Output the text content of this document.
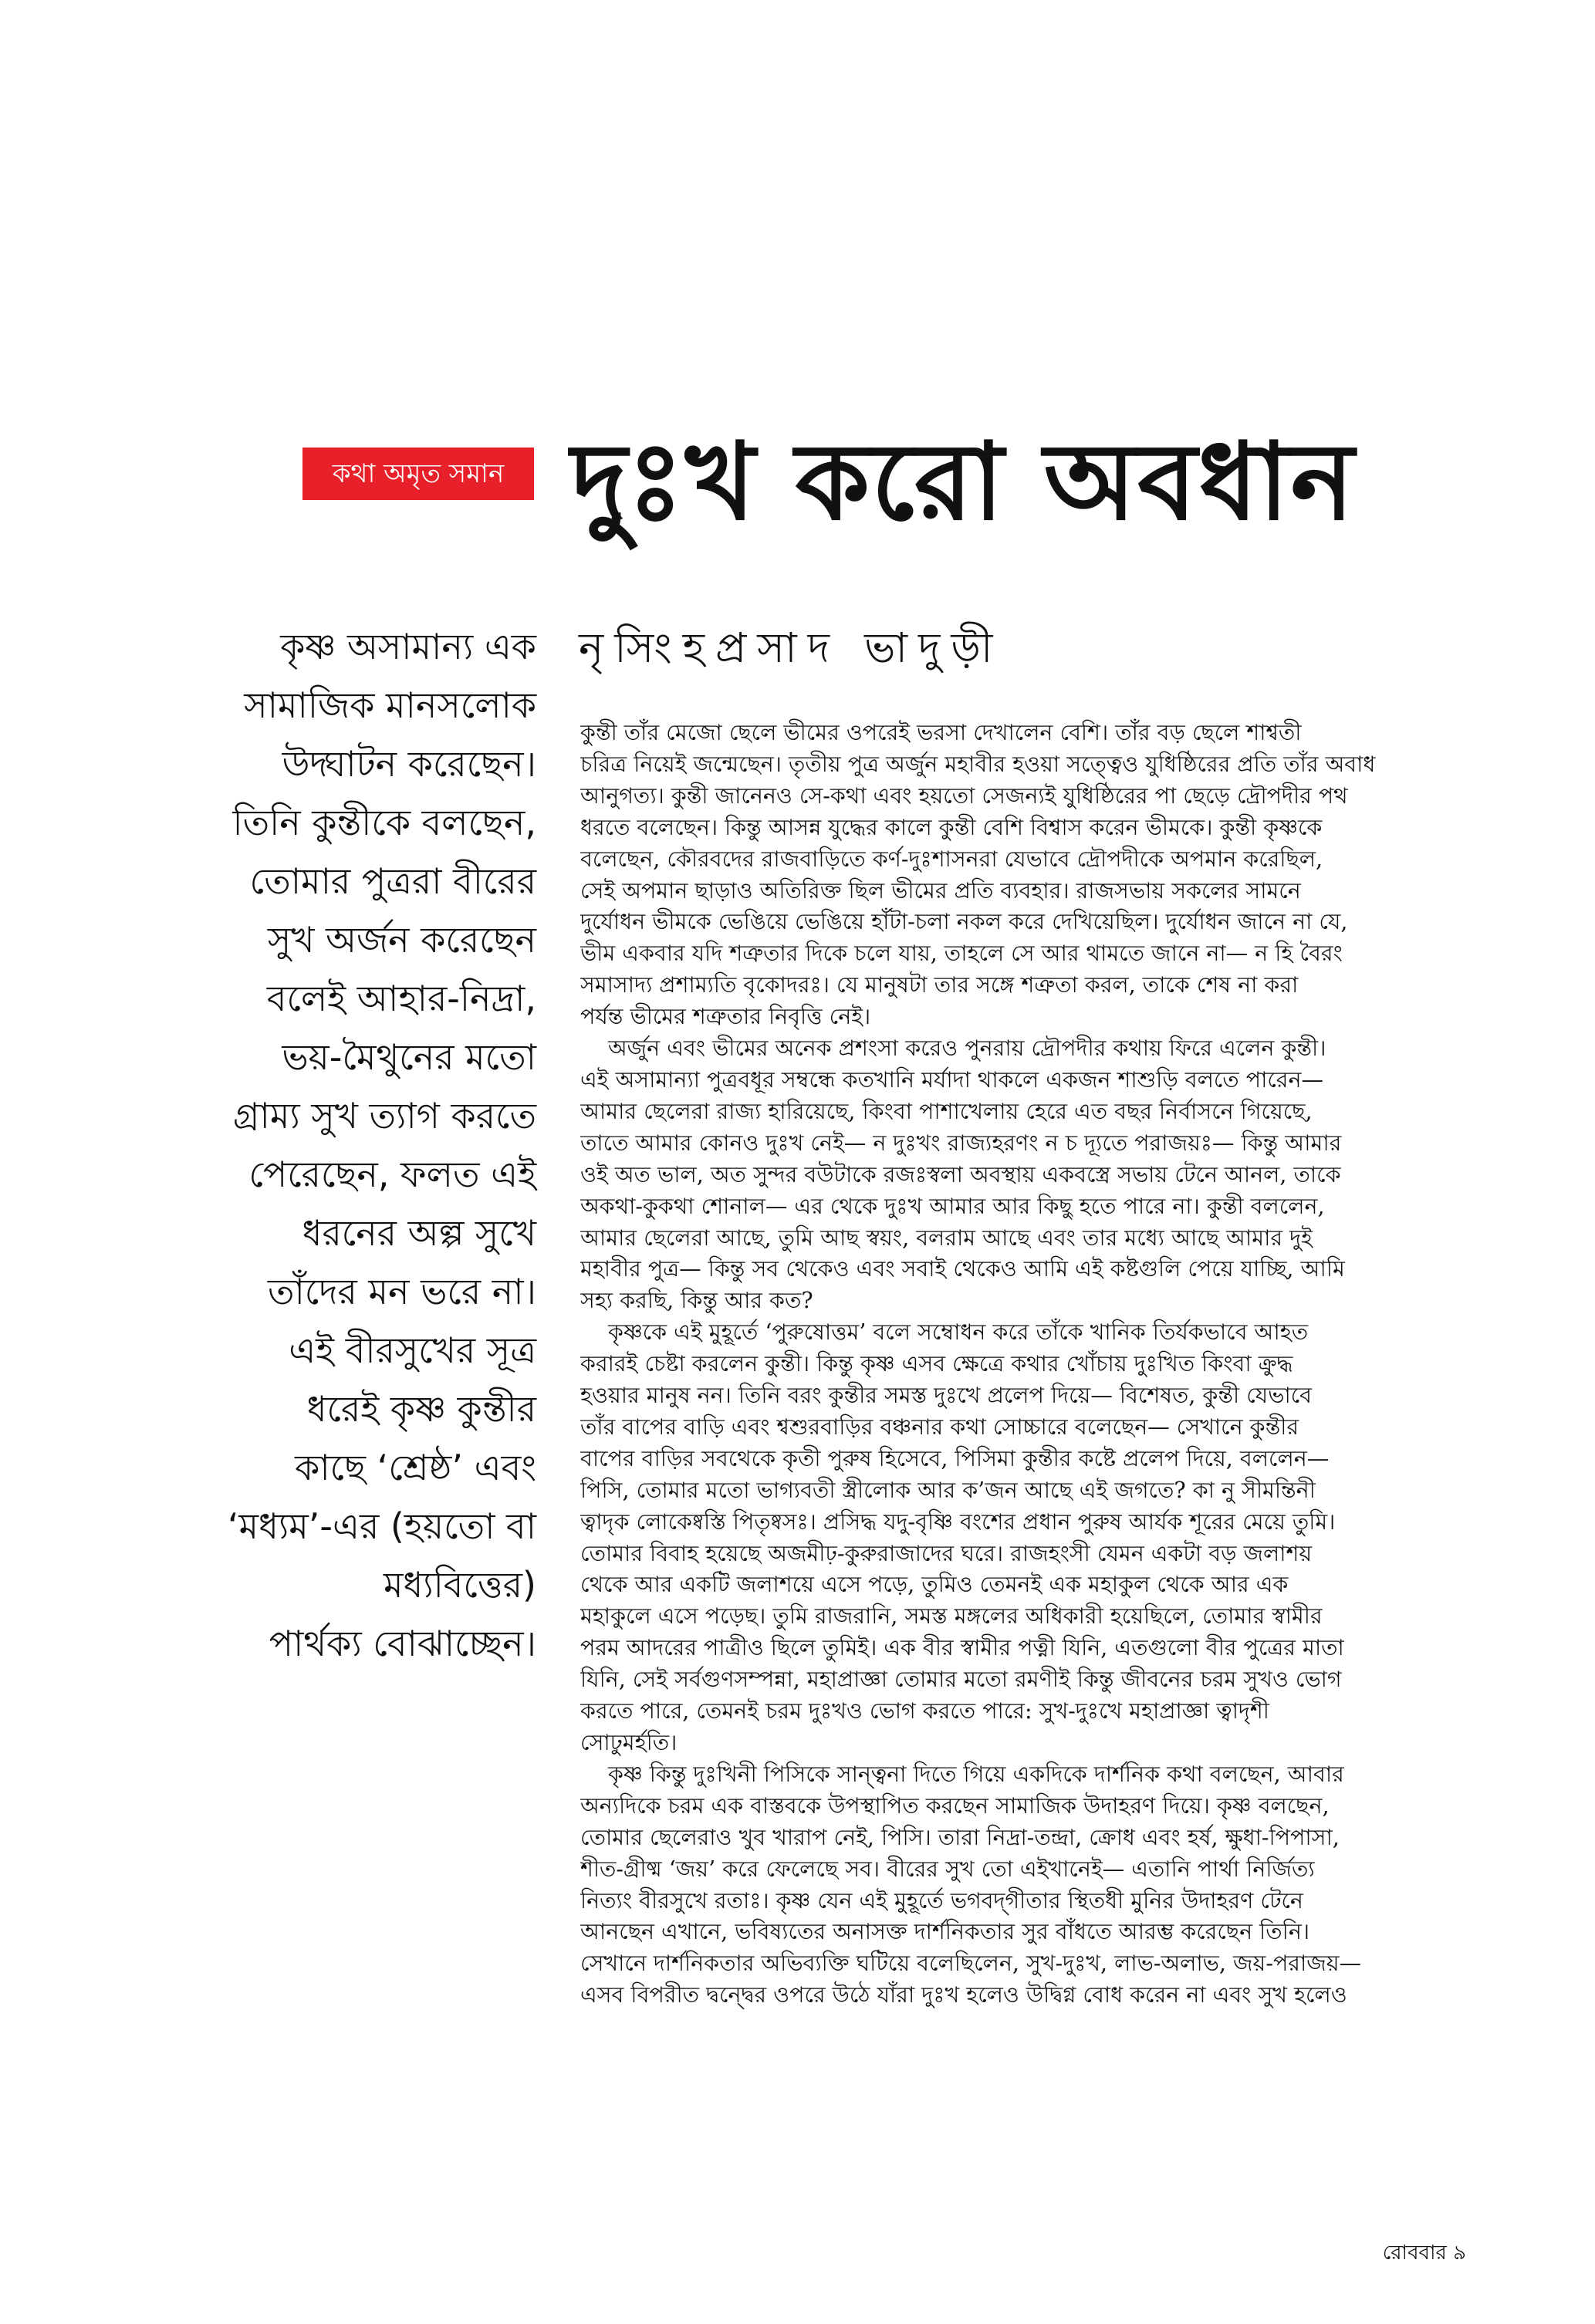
কথা অমৃত সমান দুঃখ করো অবধান
নৃসিংহপ্রসাদ ভাদুড়ী
কৃষ্ণ অসামান্য এক
সামাজিক মানসলোক
উদ্ঘাটন করেছেন।
তিনি কুন্তীকে বলছেন,
তোমার পুত্ররা বীরের
সুখ অর্জন করেছেন
বলেই আহার-নিদ্রা,
ভয়-মৈথুনের মতো
গ্রাম্য সুখ ত্যাগ করতে
পেরেছেন, ফলত এই
ধরনের অল্প সুখে
তাঁদের মন ভরে না।
এই বীরসুখের সূত্র
ধরেই কৃষ্ণ কুন্তীর
কাছে ‘শ্রেষ্ঠ’ এবং
‘মধ্যম’-এর (হয়তো বা
মধ্যবিত্তের)
পার্থক্য বোঝাচ্ছেন।
কুন্তী তাঁর মেজো ছেলে ভীমের ওপরেই ভরসা দেখালেন বেশি। তাঁর বড় ছেলে শাশ্বতী
চরিত্র নিয়েই জন্মেছেন। তৃতীয় পুত্র অর্জুন মহাবীর হওয়া সত্ত্বেও যুধিষ্ঠিরের প্রতি তাঁর অবাধ
আনুগত্য। কুন্তী জানেনও সে-কথা এবং হয়তো সেজন্যই যুধিষ্ঠিরের পা ছেড়ে দ্রৌপদীর পথ
ধরতে বলেছেন। কিন্তু আসন্ন যুদ্ধের কালে কুন্তী বেশি বিশ্বাস করেন ভীমকে। কুন্তী কৃষ্ণকে
বলেছেন, কৌরবদের রাজবাড়িতে কর্ণ-দুঃশাসনরা যেভাবে দ্রৌপদীকে অপমান করেছিল,
সেই অপমান ছাড়াও অতিরিক্ত ছিল ভীমের প্রতি ব্যবহার। রাজসভায় সকলের সামনে
দুর্যোধন ভীমকে ভেঙিয়ে ভেঙিয়ে হাঁটা-চলা নকল করে দেখিয়েছিল। দুর্যোধন জানে না যে,
ভীম একবার যদি শত্রুতার দিকে চলে যায়, তাহলে সে আর থামতে জানে না— ন হি বৈরং
সমাসাদ্য প্রশাম্যতি বৃকোদরঃ। যে মানুষটা তার সঙ্গে শত্রুতা করল, তাকে শেষ না করা
পর্যন্ত ভীমের শত্রুতার নিবৃত্তি নেই।
অর্জুন এবং ভীমের অনেক প্রশংসা করেও পুনরায় দ্রৌপদীর কথায় ফিরে এলেন কুন্তী।
এই অসামান্যা পুত্রবধূর সম্বন্ধে কতখানি মর্যাদা থাকলে একজন শাশুড়ি বলতে পারেন—
আমার ছেলেরা রাজ্য হারিয়েছে, কিংবা পাশাখেলায় হেরে এত বছর নির্বাসনে গিয়েছে,
তাতে আমার কোনও দুঃখ নেই— ন দুঃখং রাজ্যহরণং ন চ দ্যূতে পরাজয়ঃ— কিন্তু আমার
ওই অত ভাল, অত সুন্দর বউটাকে রজঃস্বলা অবস্থায় একবস্ত্রে সভায় টেনে আনল, তাকে
অকথা-কুকথা শোনাল— এর থেকে দুঃখ আমার আর কিছু হতে পারে না। কুন্তী বললেন,
আমার ছেলেরা আছে, তুমি আছ স্বয়ং, বলরাম আছে এবং তার মধ্যে আছে আমার দুই
মহাবীর পুত্র— কিন্তু সব থেকেও এবং সবাই থেকেও আমি এই কষ্টগুলি পেয়ে যাচ্ছি, আমি
সহ্য করছি, কিন্তু আর কত?
কৃষ্ণকে এই মুহূর্তে ‘পুরুষোত্তম’ বলে সম্বোধন করে তাঁকে খানিক তির্যকভাবে আহত
করারই চেষ্টা করলেন কুন্তী। কিন্তু কৃষ্ণ এসব ক্ষেত্রে কথার খোঁচায় দুঃখিত কিংবা ক্রুদ্ধ
হওয়ার মানুষ নন। তিনি বরং কুন্তীর সমস্ত দুঃখে প্রলেপ দিয়ে— বিশেষত, কুন্তী যেভাবে
তাঁর বাপের বাড়ি এবং শ্বশুরবাড়ির বঞ্চনার কথা সোচ্চারে বলেছেন— সেখানে কুন্তীর
বাপের বাড়ির সবথেকে কৃতী পুরুষ হিসেবে, পিসিমা কুন্তীর কষ্টে প্রলেপ দিয়ে, বললেন—
পিসি, তোমার মতো ভাগ্যবতী স্ত্রীলোক আর ক’জন আছে এই জগতে? কা নু সীমন্তিনী
ত্বাদৃক লোকেষ্বস্তি পিতৃষ্বসঃ। প্রসিদ্ধ যদু-বৃষ্ণি বংশের প্রধান পুরুষ আর্যক শূরের মেয়ে তুমি।
তোমার বিবাহ হয়েছে অজমীঢ়-কুরুরাজাদের ঘরে। রাজহংসী যেমন একটা বড় জলাশয়
থেকে আর একটি জলাশয়ে এসে পড়ে, তুমিও তেমনই এক মহাকুল থেকে আর এক
মহাকুলে এসে পড়েছ। তুমি রাজরানি, সমস্ত মঙ্গলের অধিকারী হয়েছিলে, তোমার স্বামীর
পরম আদরের পাত্রীও ছিলে তুমিই। এক বীর স্বামীর পত্নী যিনি, এতগুলো বীর পুত্রের মাতা
যিনি, সেই সর্বগুণসম্পন্না, মহাপ্রাজ্ঞা তোমার মতো রমণীই কিন্তু জীবনের চরম সুখও ভোগ
করতে পারে, তেমনই চরম দুঃখও ভোগ করতে পারে: সুখ-দুঃখে মহাপ্রাজ্ঞা ত্বাদৃশী
সোঢুমর্হতি।
কৃষ্ণ কিন্তু দুঃখিনী পিসিকে সান্ত্বনা দিতে গিয়ে একদিকে দার্শনিক কথা বলছেন, আবার
অন্যদিকে চরম এক বাস্তবকে উপস্থাপিত করছেন সামাজিক উদাহরণ দিয়ে। কৃষ্ণ বলছেন,
তোমার ছেলেরাও খুব খারাপ নেই, পিসি। তারা নিদ্রা-তন্দ্রা, ক্রোধ এবং হর্ষ, ক্ষুধা-পিপাসা,
শীত-গ্রীষ্ম ‘জয়’ করে ফেলেছে সব। বীরের সুখ তো এইখানেই— এতানি পার্থা নির্জিত্য
নিত্যং বীরসুখে রতাঃ। কৃষ্ণ যেন এই মুহূর্তে ভগবদ্‌গীতার স্থিতধী মুনির উদাহরণ টেনে
আনছেন এখানে, ভবিষ্যতের অনাসক্ত দার্শনিকতার সুর বাঁধতে আরম্ভ করেছেন তিনি।
সেখানে দার্শনিকতার অভিব্যক্তি ঘটিয়ে বলেছিলেন, সুখ-দুঃখ, লাভ-অলাভ, জয়-পরাজয়—
এসব বিপরীত দ্বন্দ্বের ওপরে উঠে যাঁরা দুঃখ হলেও উদ্বিগ্ন বোধ করেন না এবং সুখ হলেও
রোববার ৯
